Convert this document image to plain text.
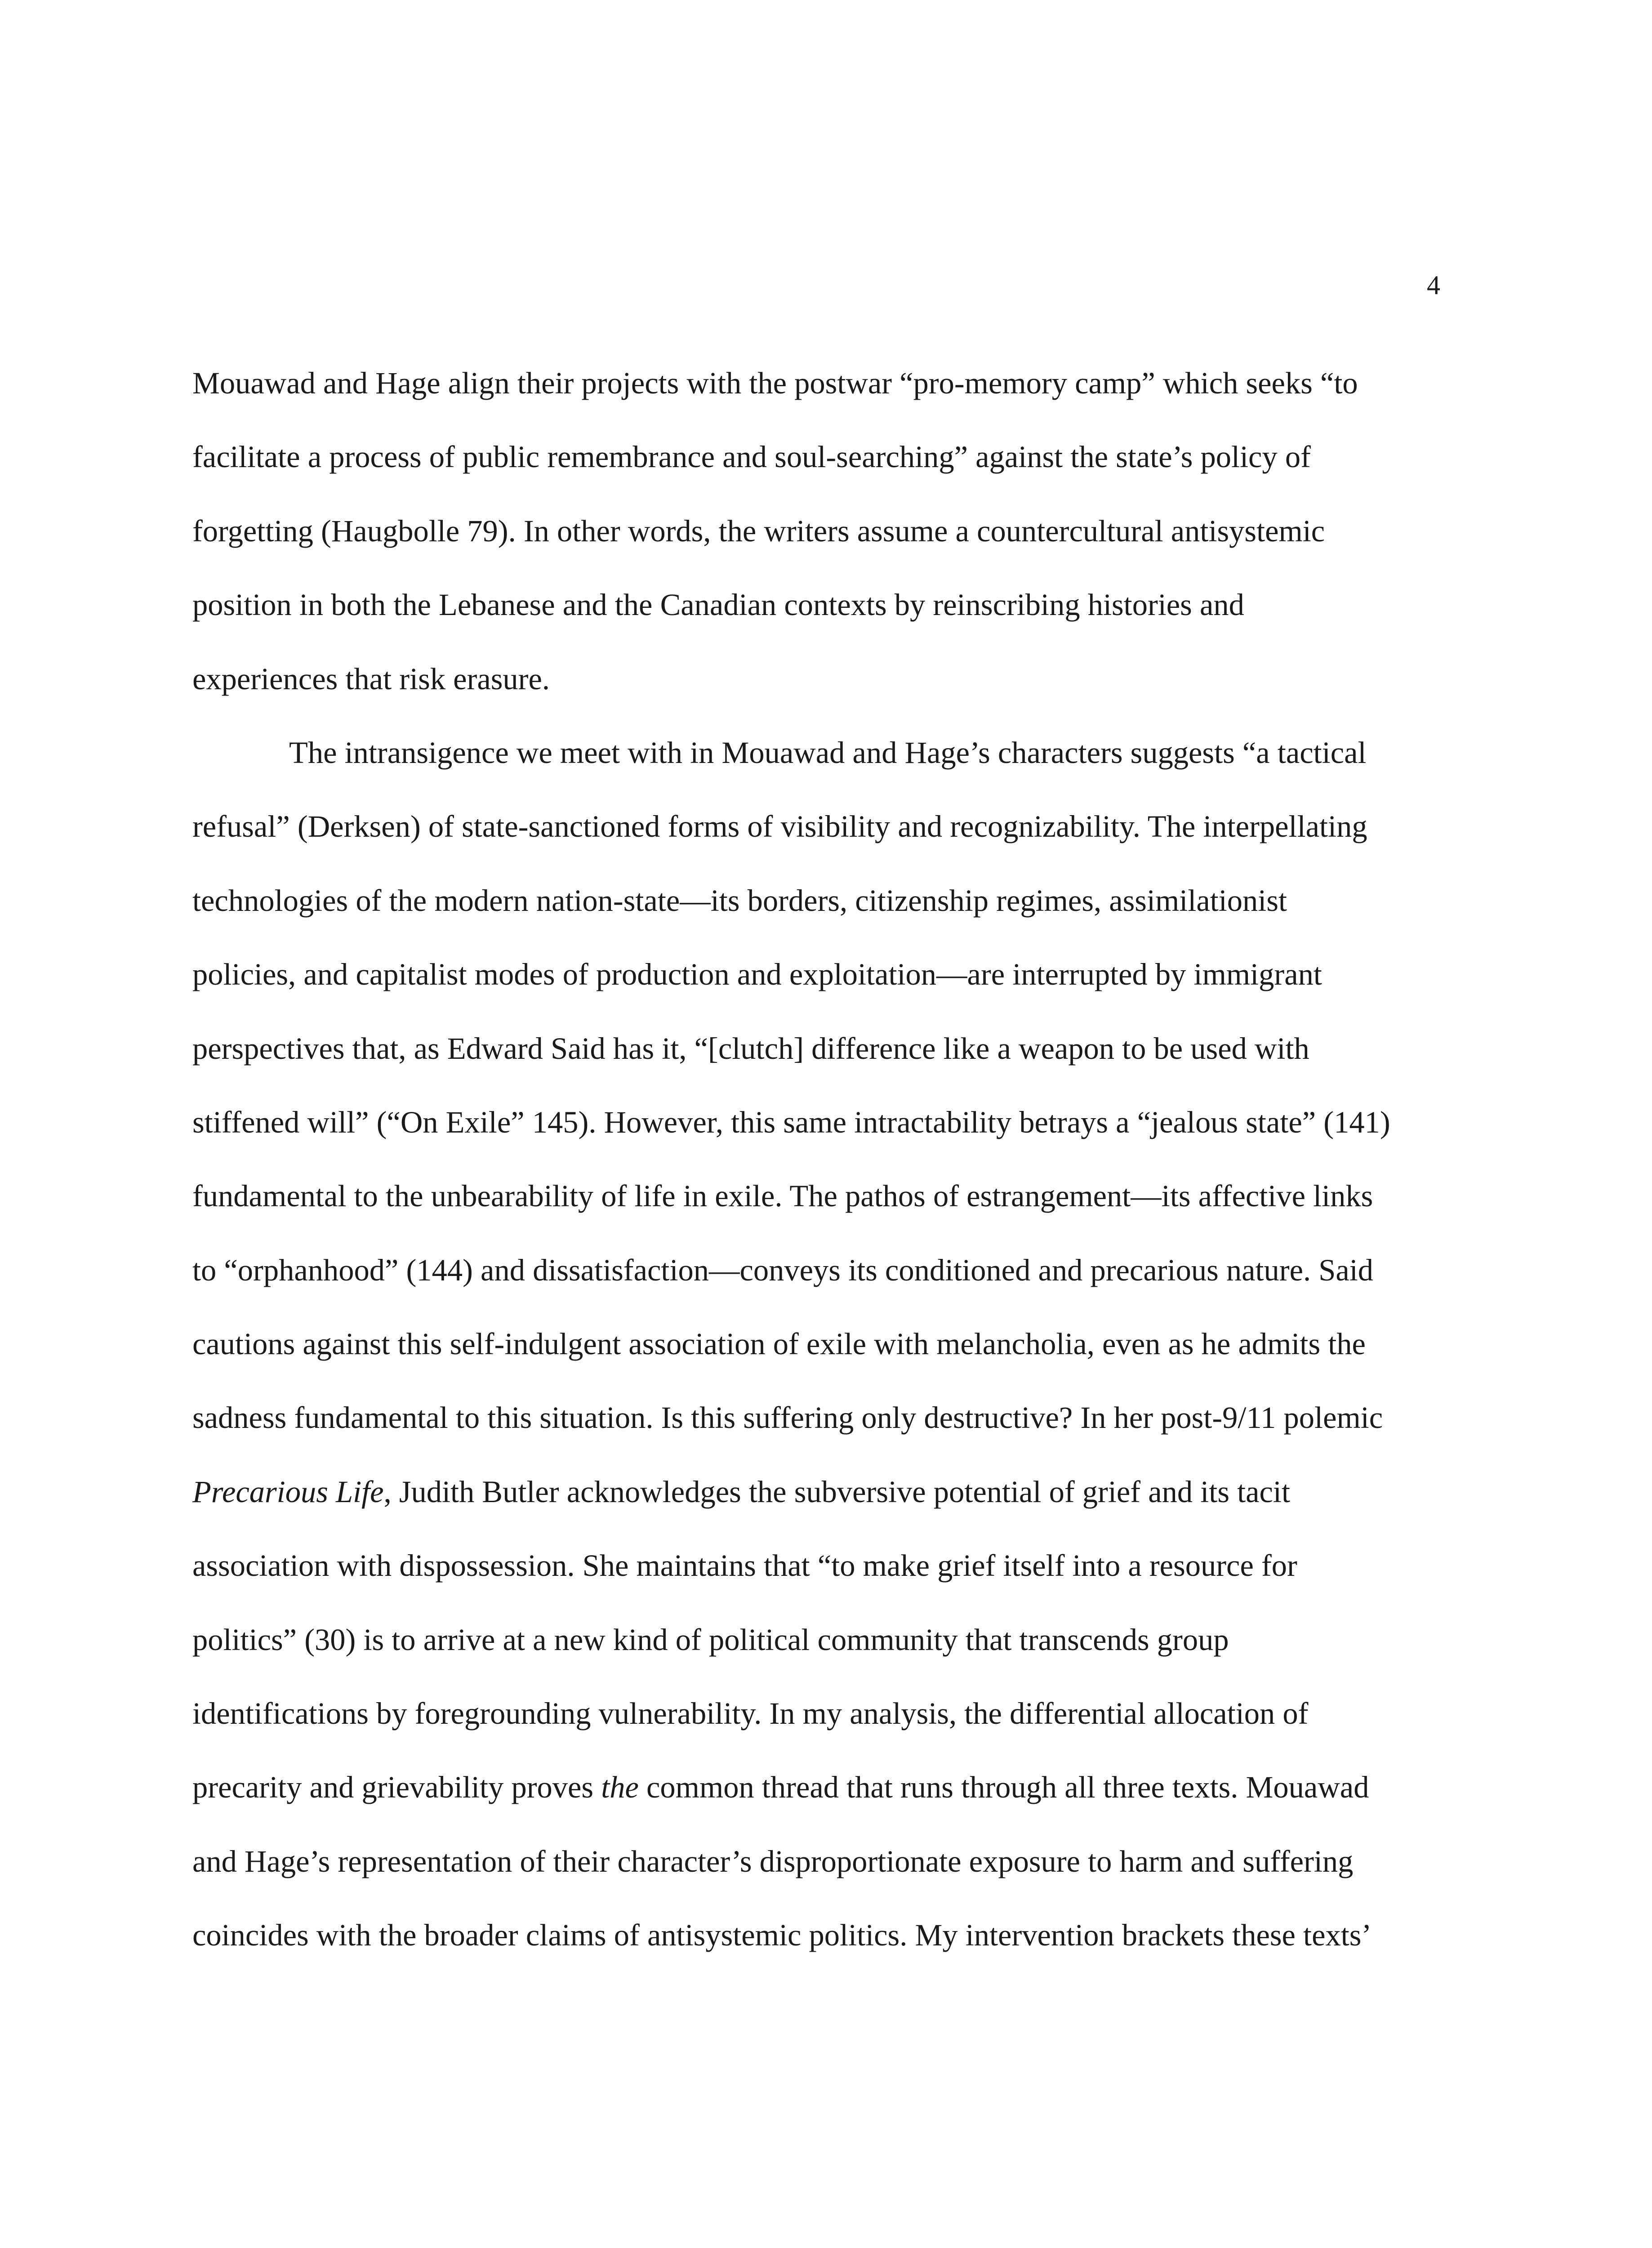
4
Mouawad and Hage align their projects with the postwar “pro-memory camp” which seeks “to
facilitate a process of public remembrance and soul-searching” against the state’s policy of
forgetting (Haugbolle 79). In other words, the writers assume a countercultural antisystemic
position in both the Lebanese and the Canadian contexts by reinscribing histories and
experiences that risk erasure.
The intransigence we meet with in Mouawad and Hage’s characters suggests “a tactical
refusal” (Derksen) of state-sanctioned forms of visibility and recognizability. The interpellating
technologies of the modern nation-state—its borders, citizenship regimes, assimilationist
policies, and capitalist modes of production and exploitation—are interrupted by immigrant
perspectives that, as Edward Said has it, “[clutch] difference like a weapon to be used with
stiffened will” (“On Exile” 145). However, this same intractability betrays a “jealous state” (141)
fundamental to the unbearability of life in exile. The pathos of estrangement—its affective links
to “orphanhood” (144) and dissatisfaction—conveys its conditioned and precarious nature. Said
cautions against this self-indulgent association of exile with melancholia, even as he admits the
sadness fundamental to this situation. Is this suffering only destructive? In her post-9/11 polemic
Precarious Life, Judith Butler acknowledges the subversive potential of grief and its tacit
association with dispossession. She maintains that “to make grief itself into a resource for
politics” (30) is to arrive at a new kind of political community that transcends group
identifications by foregrounding vulnerability. In my analysis, the differential allocation of
precarity and grievability proves the common thread that runs through all three texts. Mouawad
and Hage’s representation of their character’s disproportionate exposure to harm and suffering
coincides with the broader claims of antisystemic politics. My intervention brackets these texts’
